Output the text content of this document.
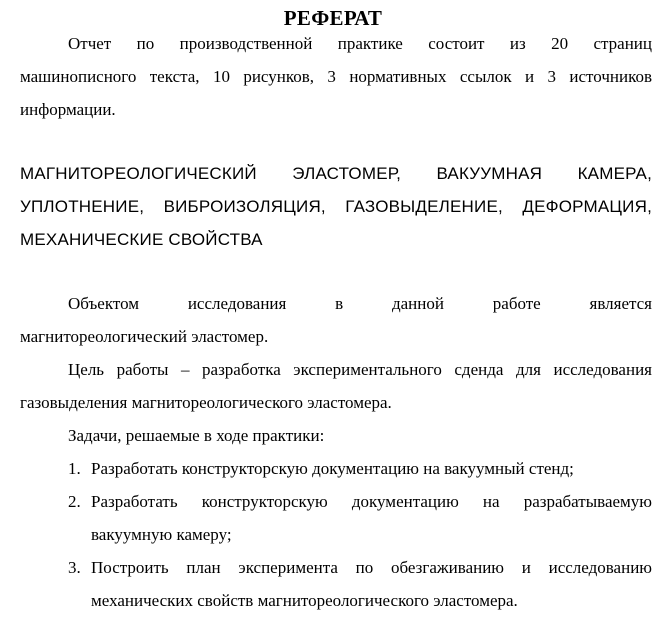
РЕФЕРАТ
Отчет по производственной практике состоит из 20 страниц
машинописного текста, 10 рисунков, 3 нормативных ссылок и 3 источников
информации.
МАГНИТОРЕОЛОГИЧЕСКИЙ ЭЛАСТОМЕР, ВАКУУМНАЯ КАМЕРА,
УПЛОТНЕНИЕ, ВИБРОИЗОЛЯЦИЯ, ГАЗОВЫДЕЛЕНИЕ, ДЕФОРМАЦИЯ,
МЕХАНИЧЕСКИЕ СВОЙСТВА
Объектом исследования в данной работе является
магнитореологический эластомер.
Цель работы – разработка экспериментального сденда для исследования
газовыделения магнитореологического эластомера.
Задачи, решаемые в ходе практики:
1. Разработать конструкторскую документацию на вакуумный стенд;
2. Разработать конструкторскую документацию на разрабатываемую
вакуумную камеру;
3. Построить план эксперимента по обезгаживанию и исследованию
механических свойств магнитореологического эластомера.
